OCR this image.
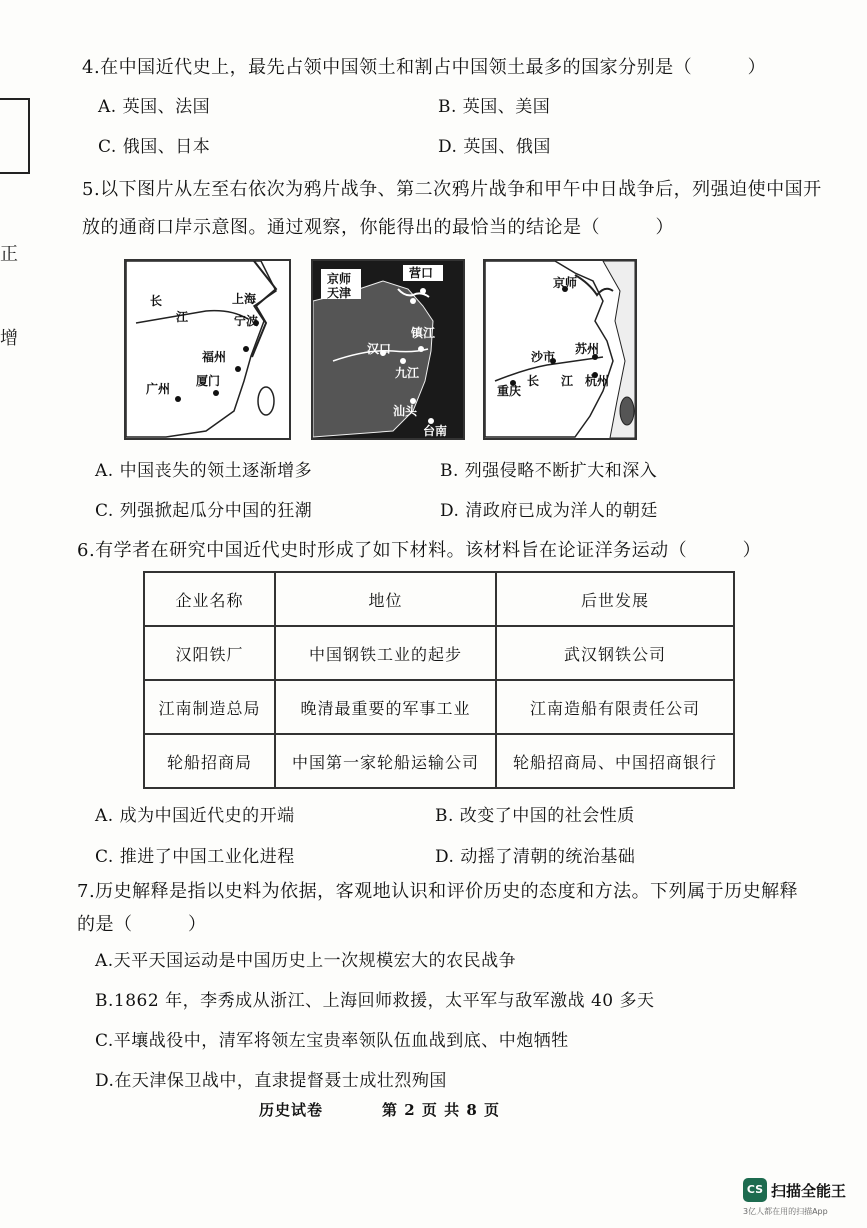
正
增
4.在中国近代史上，最先占领中国领土和割占中国领土最多的国家分别是（　　　）
A. 英国、法国	B. 英国、美国
C. 俄国、日本	D. 英国、俄国
5.以下图片从左至右依次为鸦片战争、第二次鸦片战争和甲午中日战争后，列强迫使中国开
放的通商口岸示意图。通过观察，你能得出的最恰当的结论是（　　　）
长
江
上海
宁波
福州
广州
厦门
京师	营口
天津
汉口
镇江
九江
汕头
台南
京师
沙市
苏州
重庆
长 江 杭州
A. 中国丧失的领土逐渐增多	B. 列强侵略不断扩大和深入
C. 列强掀起瓜分中国的狂潮	D. 清政府已成为洋人的朝廷
6.有学者在研究中国近代史时形成了如下材料。该材料旨在论证洋务运动（　　　）
企业名称	地位	后世发展
汉阳铁厂	中国钢铁工业的起步	武汉钢铁公司
江南制造总局	晚清最重要的军事工业	江南造船有限责任公司
轮船招商局	中国第一家轮船运输公司	轮船招商局、中国招商银行
A. 成为中国近代史的开端	B. 改变了中国的社会性质
C. 推进了中国工业化进程	D. 动摇了清朝的统治基础
7.历史解释是指以史料为依据，客观地认识和评价历史的态度和方法。下列属于历史解释
的是（　　　）
A.天平天国运动是中国历史上一次规模宏大的农民战争
B.1862 年，李秀成从浙江、上海回师救援，太平军与敌军激战 40 多天
C.平壤战役中，清军将领左宝贵率领队伍血战到底、中炮牺牲
D.在天津保卫战中，直隶提督聂士成壮烈殉国
历史试卷	第 2 页 共 8 页
CS 扫描全能王
3亿人都在用的扫描App
